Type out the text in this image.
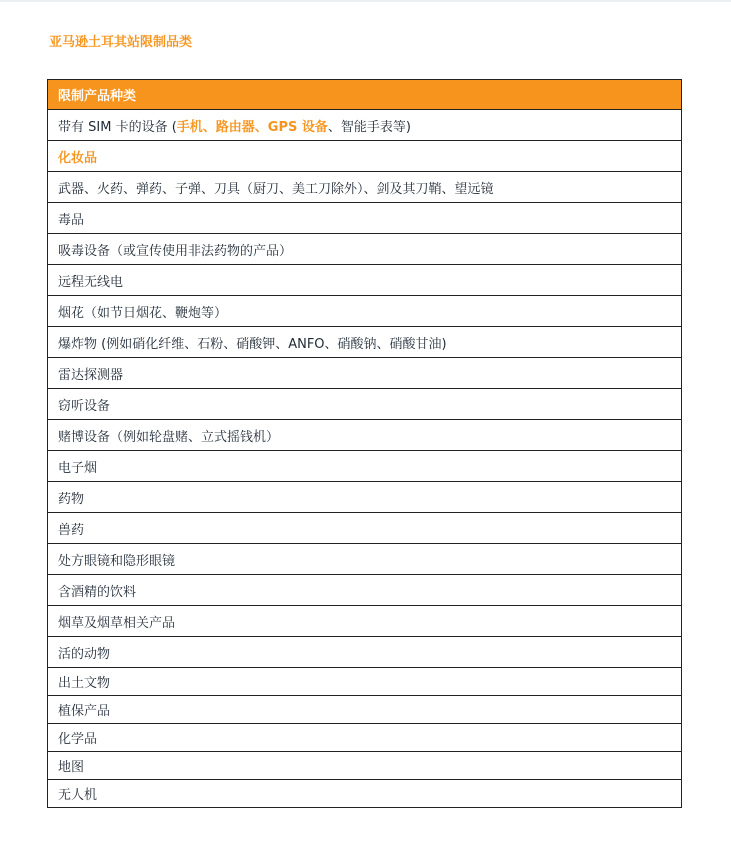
亚马逊土耳其站限制品类
限制产品种类
带有 SIM 卡的设备 (手机、路由器、GPS 设备、智能手表等)
化妆品
武器、火药、弹药、子弹、刀具（厨刀、美工刀除外）、剑及其刀鞘、望远镜
毒品
吸毒设备（或宣传使用非法药物的产品）
远程无线电
烟花（如节日烟花、鞭炮等）
爆炸物 (例如硝化纤维、石粉、硝酸钾、ANFO、硝酸钠、硝酸甘油)
雷达探测器
窃听设备
赌博设备（例如轮盘赌、立式摇钱机）
电子烟
药物
兽药
处方眼镜和隐形眼镜
含酒精的饮料
烟草及烟草相关产品
活的动物
出土文物
植保产品
化学品
地图
无人机
